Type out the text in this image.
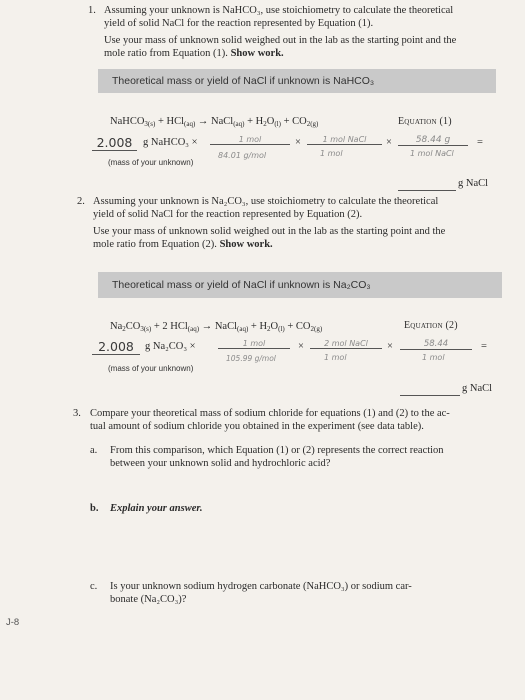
1. Assuming your unknown is NaHCO₃, use stoichiometry to calculate the theoretical
yield of solid NaCl for the reaction represented by Equation (1).
Use your mass of unknown solid weighed out in the lab as the starting point and the
mole ratio from Equation (1). Show work.
Theoretical mass or yield of NaCl if unknown is NaHCO₃
NaHCO$_{3(s)}$ + HCl$_{(aq)}$ → NaCl$_{(aq)}$ + $H_2O_{(l)} + CO_{2(g)}$	Equation (1)
2.008	g NaHCO₃ ×	1 mol
84.01 g/mol
×	1 mol NaCl
1 mol
×	58.44 g
1 mol NaCl
=
(mass of your unknown)
g NaCl
2. Assuming your unknown is Na₂CO₃, use stoichiometry to calculate the theoretical
yield of solid NaCl for the reaction represented by Equation (2).
Use your mass of unknown solid weighed out in the lab as the starting point and the
mole ratio from Equation (2). Show work.
Theoretical mass or yield of NaCl if unknown is Na₂CO₃
$Na_2CO_{3(s)} + 2$ HCl$_{(aq)}$ → NaCl$_{(aq)}$ + $H_2O_{(l)} + CO_{2(g)}$	Equation (2)
2.008	g Na₂CO₃ ×	1 mol
105.99 g/mol
×	2 mol NaCl
1 mol
×	58.44
1 mol
=
(mass of your unknown)
g NaCl
3. Compare your theoretical mass of sodium chloride for equations (1) and (2) to the ac-
tual amount of sodium chloride you obtained in the experiment (see data table).
a. From this comparison, which Equation (1) or (2) represents the correct reaction
between your unknown solid and hydrochloric acid?
b. Explain your answer.
c. Is your unknown sodium hydrogen carbonate (NaHCO₃) or sodium car-
bonate (Na₂CO₃)?
J-8
